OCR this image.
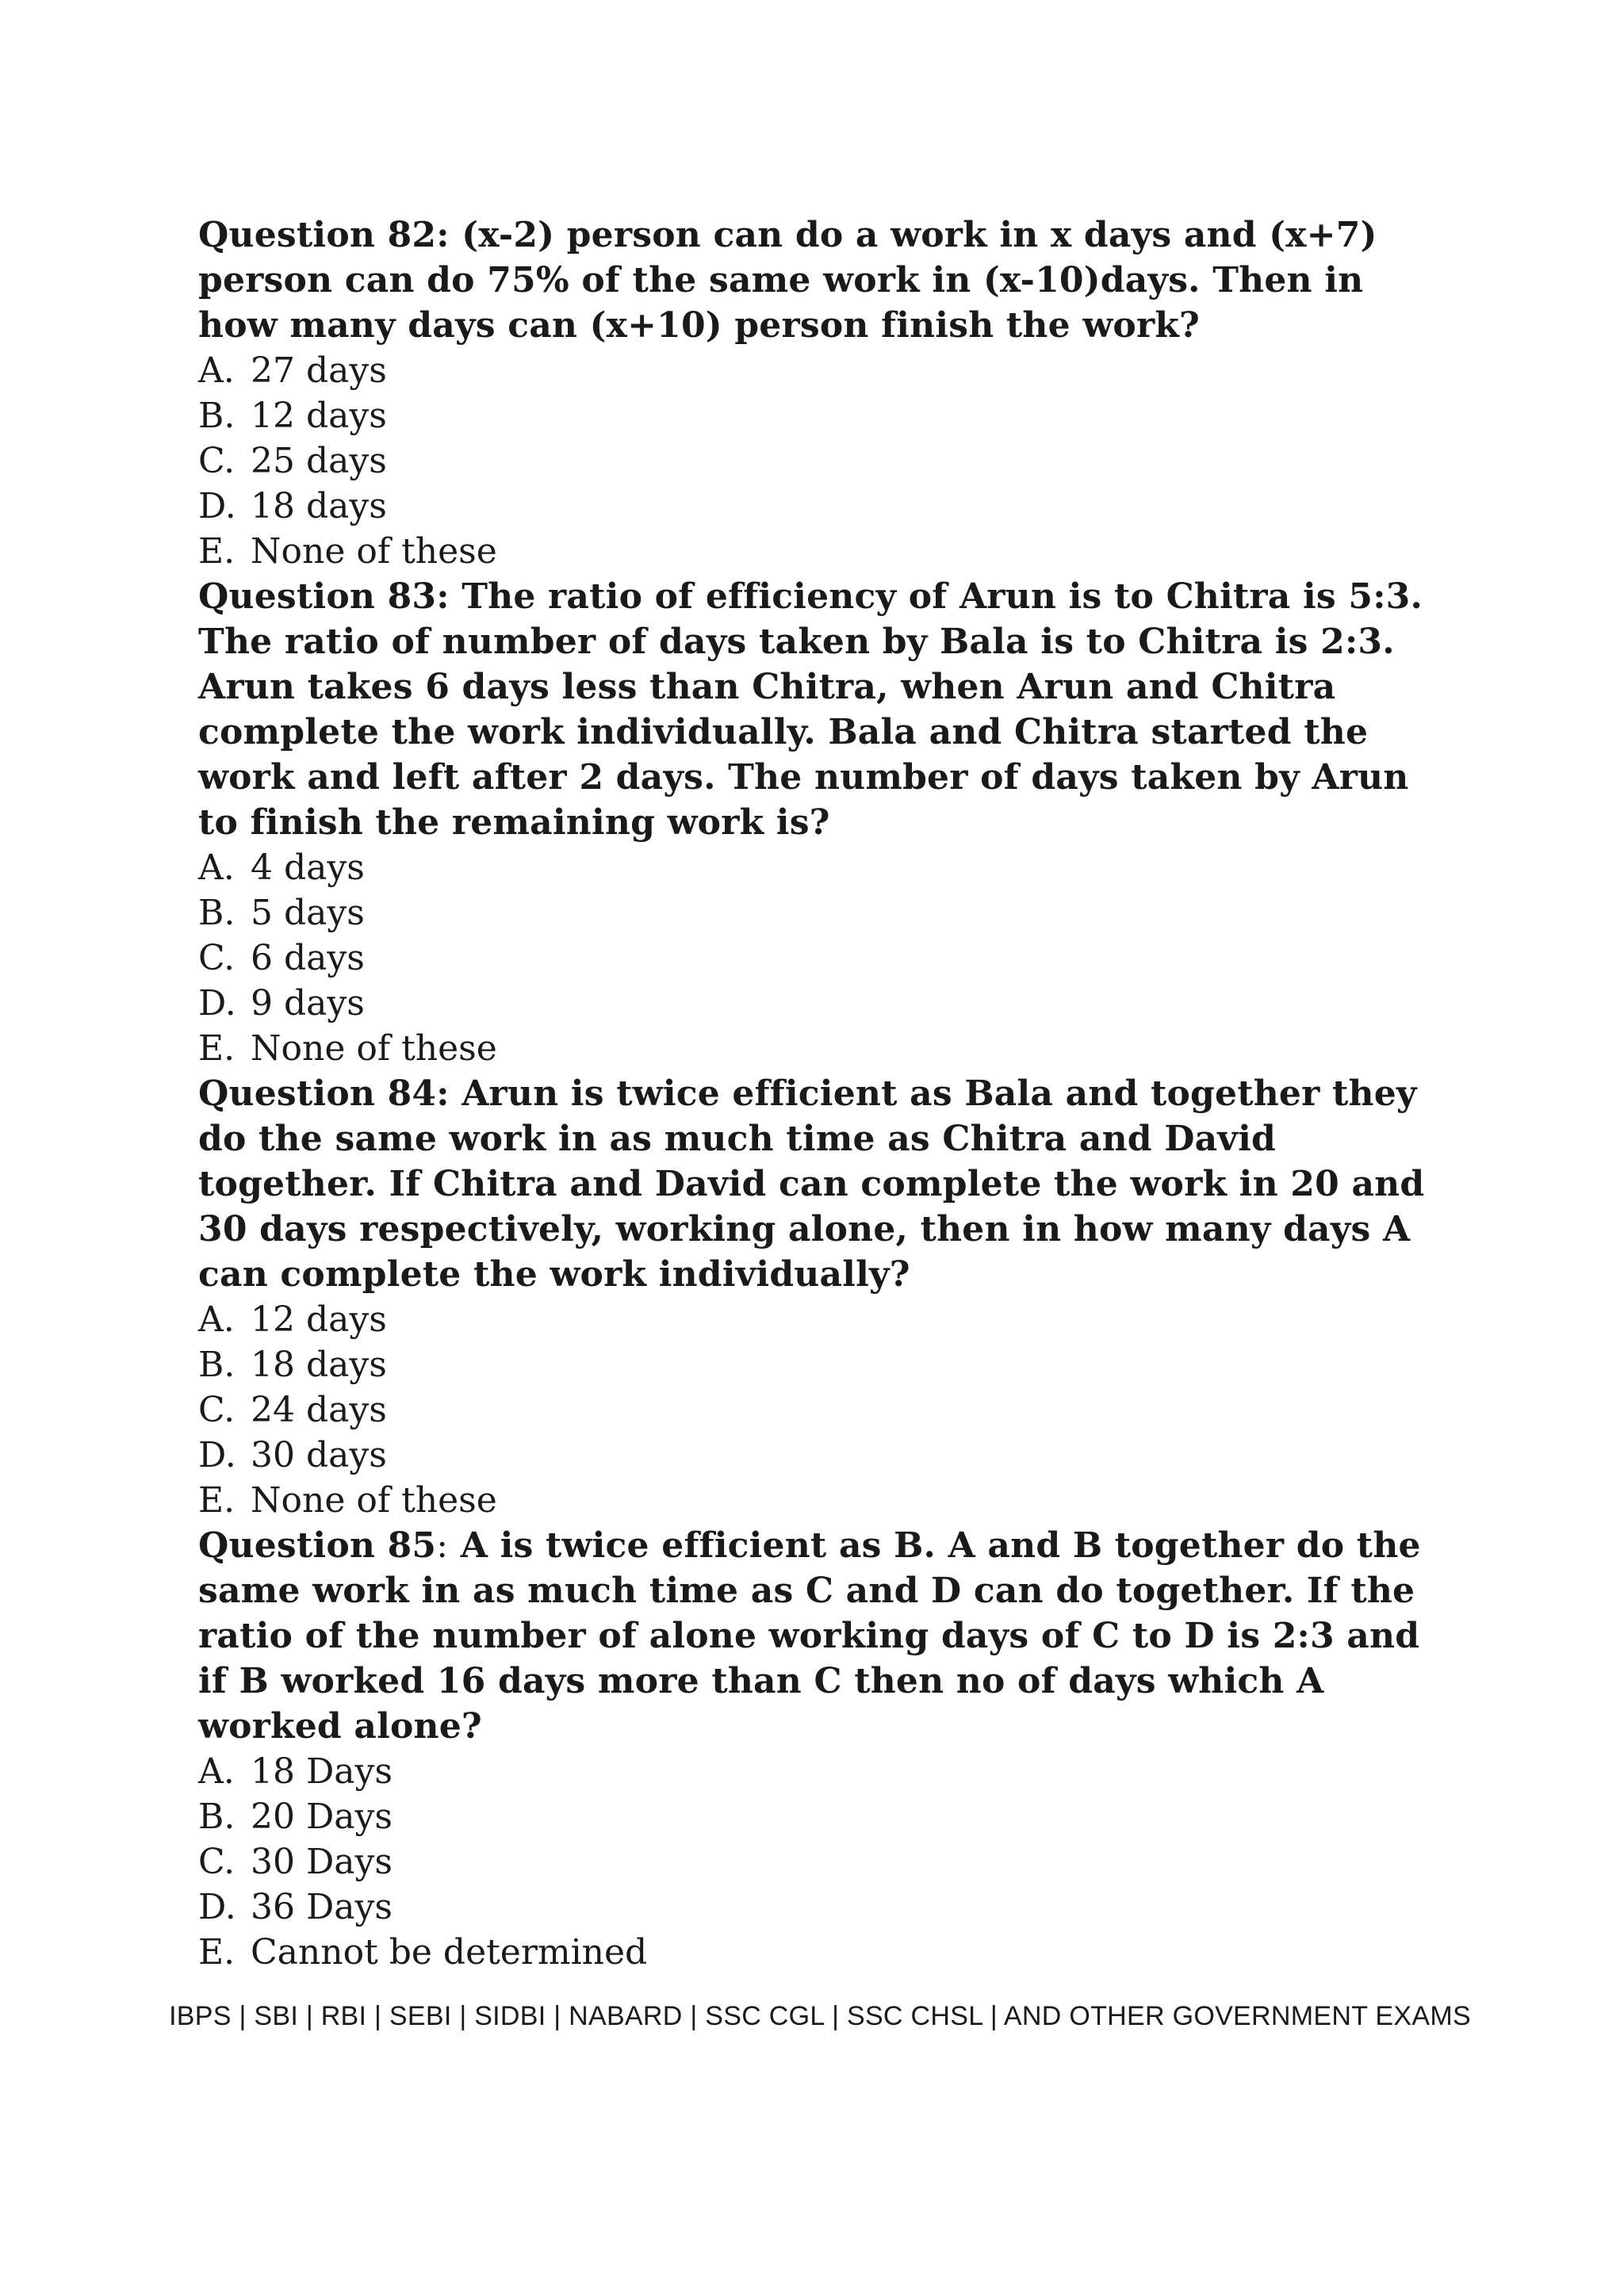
Question 82: (x-2) person can do a work in x days and (x+7) person can do 75% of the same work in (x-10)days. Then in how many days can (x+10) person finish the work?

A. 27 days
B. 12 days
C. 25 days
D. 18 days
E. None of these

Question 83: The ratio of efficiency of Arun is to Chitra is 5:3. The ratio of number of days taken by Bala is to Chitra is 2:3. Arun takes 6 days less than Chitra, when Arun and Chitra complete the work individually. Bala and Chitra started the work and left after 2 days. The number of days taken by Arun to finish the remaining work is?

A. 4 days
B. 5 days
C. 6 days
D. 9 days
E. None of these

Question 84: Arun is twice efficient as Bala and together they do the same work in as much time as Chitra and David together. If Chitra and David can complete the work in 20 and 30 days respectively, working alone, then in how many days A can complete the work individually?

A. 12 days
B. 18 days
C. 24 days
D. 30 days
E. None of these

Question 85: A is twice efficient as B. A and B together do the same work in as much time as C and D can do together. If the ratio of the number of alone working days of C to D is 2:3 and if B worked 16 days more than C then no of days which A worked alone?

A. 18 Days
B. 20 Days
C. 30 Days
D. 36 Days
E. Cannot be determined
IBPS | SBI | RBI | SEBI | SIDBI | NABARD | SSC CGL | SSC CHSL | AND OTHER GOVERNMENT EXAMS
